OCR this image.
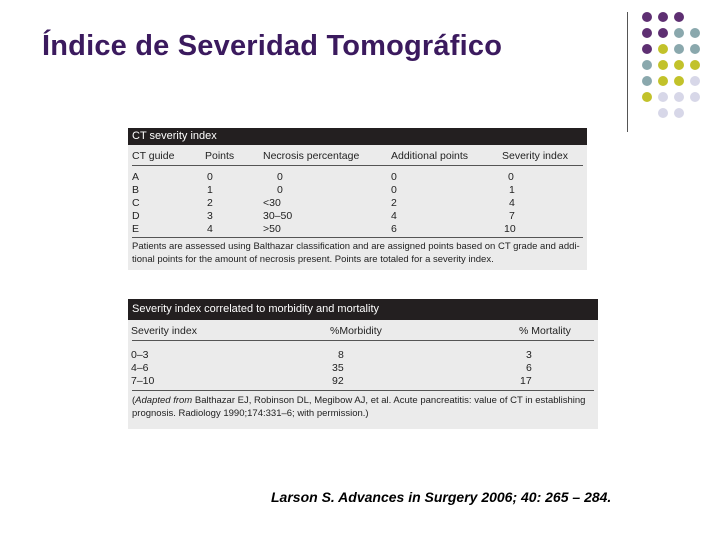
Índice de Severidad Tomográfico
CT severity index
CT guide	Points	Necrosis percentage	Additional points	Severity index
A	0	0	0	0
B	1	0	0	1
C	2	<30	2	4
D	3	30–50	4	7
E	4	>50	6	10
Patients are assessed using Balthazar classification and are assigned points based on CT grade and addi-
tional points for the amount of necrosis present. Points are totaled for a severity index.
Severity index correlated to morbidity and mortality
Severity index	%Morbidity	% Mortality
0–3	8	3
4–6	35	6
7–10	92	17
(Adapted from Balthazar EJ, Robinson DL, Megibow AJ, et al. Acute pancreatitis: value of CT in establishing
prognosis. Radiology 1990;174:331–6; with permission.)
Larson S. Advances in Surgery 2006; 40: 265 – 284.
